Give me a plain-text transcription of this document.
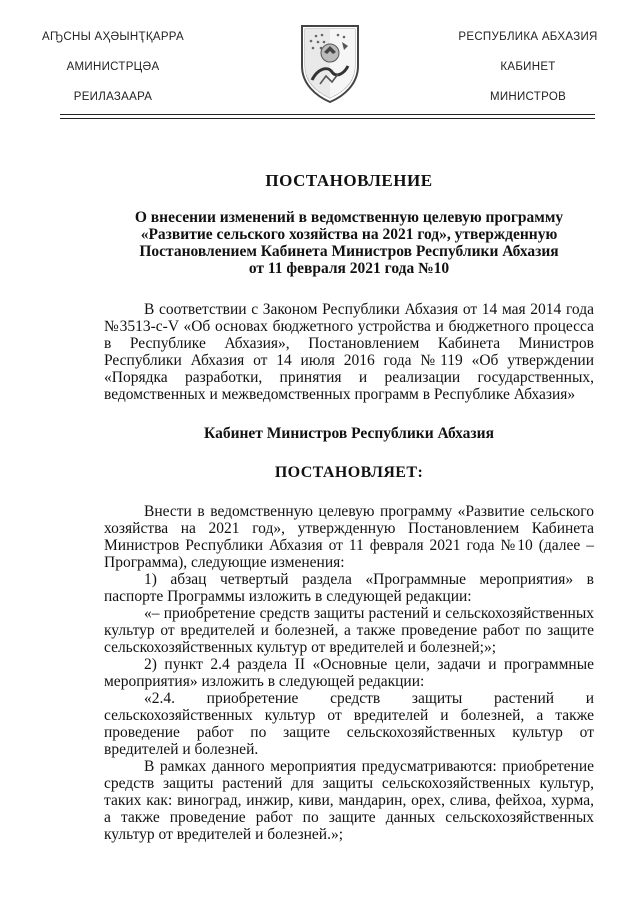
АҦСНЫ АҲӘЫНҬҚАРРА
АМИНИСТРЦӘА
РЕИЛАЗААРА
РЕСПУБЛИКА АБХАЗИЯ
КАБИНЕТ
МИНИСТРОВ
ПОСТАНОВЛЕНИЕ
О внесении изменений в ведомственную целевую программу
«Развитие сельского хозяйства на 2021 год», утвержденную
Постановлением Кабинета Министров Республики Абхазия
от 11 февраля 2021 года №10

В соответствии с Законом Республики Абхазия от 14 мая 2014 года №3513-с-V «Об основах бюджетного устройства и бюджетного процесса в Республике Абхазия», Постановлением Кабинета Министров Республики Абхазия от 14 июля 2016 года №119 «Об утверждении «Порядка разработки, принятия и реализации государственных, ведомственных и межведомственных программ в Республике Абхазия»

Кабинет Министров Республики Абхазия
ПОСТАНОВЛЯЕТ:

Внести в ведомственную целевую программу «Развитие сельского хозяйства на 2021 год», утвержденную Постановлением Кабинета Министров Республики Абхазия от 11 февраля 2021 года №10 (далее – Программа), следующие изменения:

1) абзац четвертый раздела «Программные мероприятия» в паспорте Программы изложить в следующей редакции:

«– приобретение средств защиты растений и сельскохозяйственных культур от вредителей и болезней, а также проведение работ по защите сельскохозяйственных культур от вредителей и болезней;»;

2) пункт 2.4 раздела II «Основные цели, задачи и программные мероприятия» изложить в следующей редакции:

«2.4. приобретение средств защиты растений и сельскохозяйственных культур от вредителей и болезней, а также проведение работ по защите сельскохозяйственных культур от вредителей и болезней.

В рамках данного мероприятия предусматриваются: приобретение средств защиты растений для защиты сельскохозяйственных культур, таких как: виноград, инжир, киви, мандарин, орех, слива, фейхоа, хурма, а также проведение работ по защите данных сельскохозяйственных культур от вредителей и болезней.»;
